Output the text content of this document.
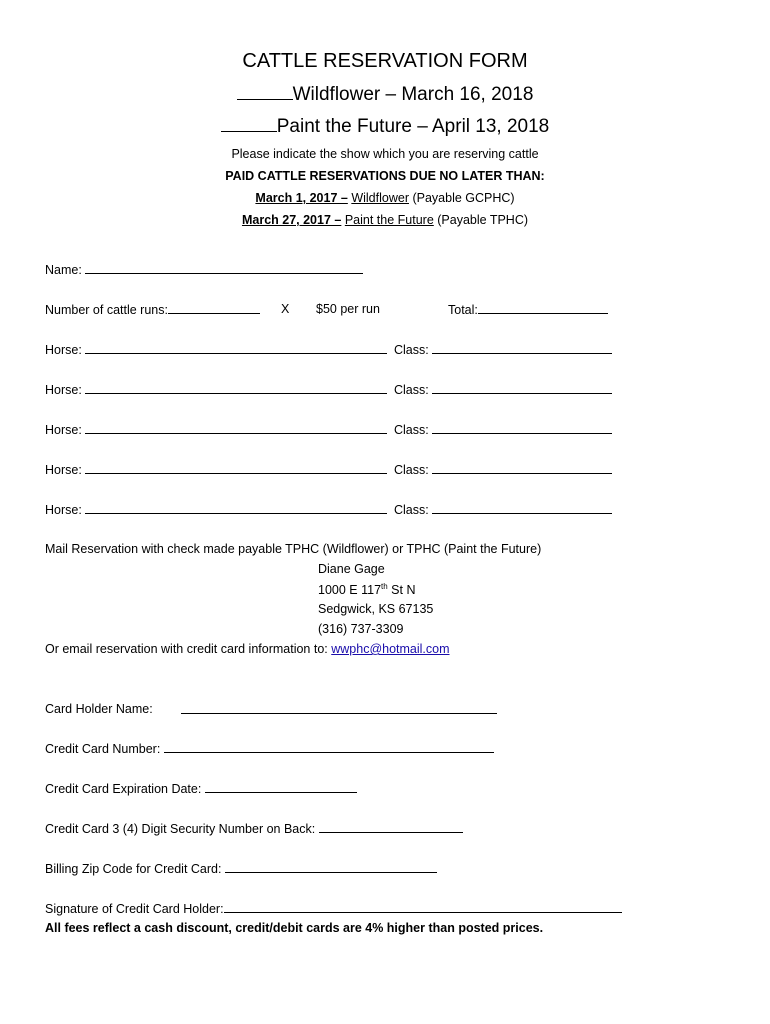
CATTLE RESERVATION FORM
Wildflower – March 16, 2018
Paint the Future – April 13, 2018
Please indicate the show which you are reserving cattle
PAID CATTLE RESERVATIONS DUE NO LATER THAN:
March 1, 2017 – Wildflower (Payable GCPHC)
March 27, 2017 – Paint the Future (Payable TPHC)
Name:
Number of cattle runs:	X $50 per run	Total:
Horse:	Class:
Horse:	Class:
Horse:	Class:
Horse:	Class:
Horse:	Class:
Mail Reservation with check made payable TPHC (Wildflower) or TPHC (Paint the Future)
Diane Gage
1000 E 117th St N
Sedgwick, KS 67135
(316) 737-3309
Or email reservation with credit card information to: wwphc@hotmail.com
Card Holder Name:
Credit Card Number:
Credit Card Expiration Date:
Credit Card 3 (4) Digit Security Number on Back:
Billing Zip Code for Credit Card:
Signature of Credit Card Holder:
All fees reflect a cash discount, credit/debit cards are 4% higher than posted prices.
